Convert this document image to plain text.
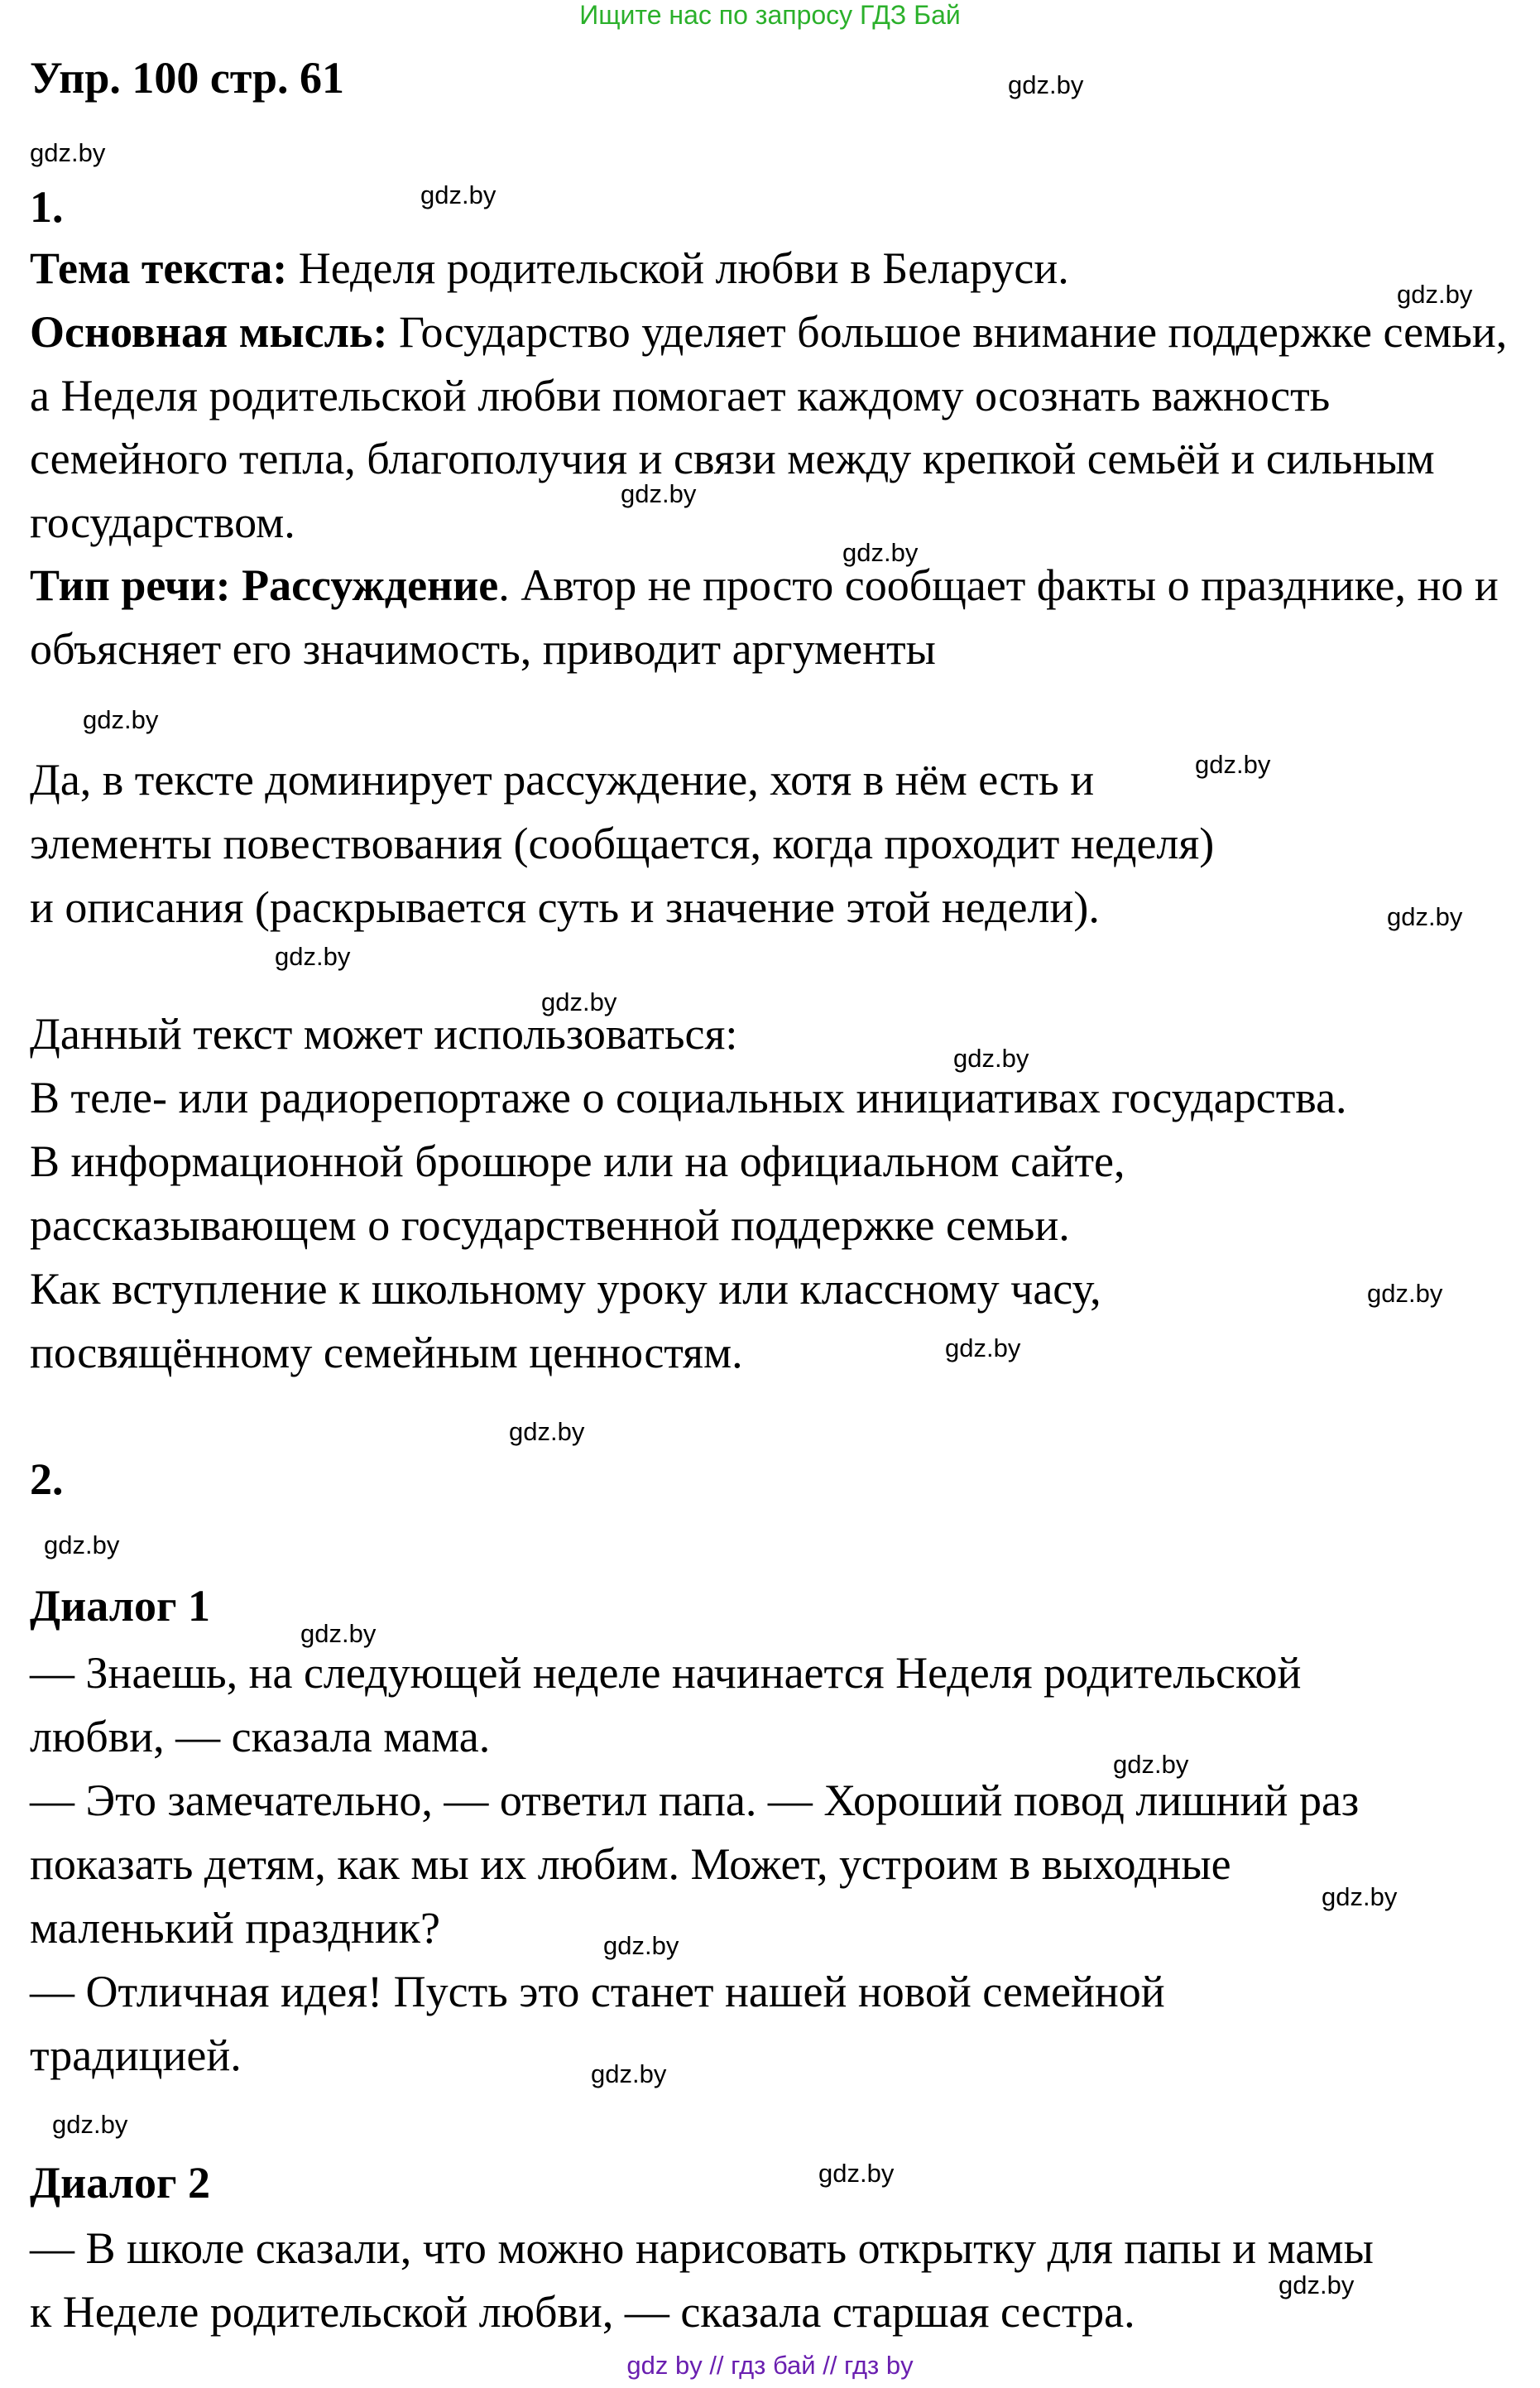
Ищите нас по запросу ГДЗ Бай
Упр. 100 стр. 61
1.
Тема текста: Неделя родительской любви в Беларуси.
Основная мысль: Государство уделяет большое внимание поддержке семьи, а Неделя родительской любви помогает каждому осознать важность семейного тепла, благополучия и связи между крепкой семьёй и сильным государством.
Тип речи: Рассуждение. Автор не просто сообщает факты о празднике, но и объясняет его значимость, приводит аргументы
Да, в тексте доминирует рассуждение, хотя в нём есть и
элементы повествования (сообщается, когда проходит неделя)
и описания (раскрывается суть и значение этой недели).
Данный текст может использоваться:
В теле- или радиорепортаже о социальных инициативах государства.
В информационной брошюре или на официальном сайте,
рассказывающем о государственной поддержке семьи.
Как вступление к школьному уроку или классному часу,
посвящённому семейным ценностям.
2.
Диалог 1
— Знаешь, на следующей неделе начинается Неделя родительской
любви, — сказала мама.
— Это замечательно, — ответил папа. — Хороший повод лишний раз
показать детям, как мы их любим. Может, устроим в выходные
маленький праздник?
— Отличная идея! Пусть это станет нашей новой семейной
традицией.
Диалог 2
— В школе сказали, что можно нарисовать открытку для папы и мамы
к Неделе родительской любви, — сказала старшая сестра.
gdz.by
gdz.by
gdz.by
gdz.by
gdz.by
gdz.by
gdz.by
gdz.by
gdz.by
gdz.by
gdz.by
gdz.by
gdz.by
gdz.by
gdz.by
gdz.by
gdz.by
gdz.by
gdz.by
gdz.by
gdz.by
gdz.by
gdz.by
gdz.by
gdz by // гдз бай // гдз by
